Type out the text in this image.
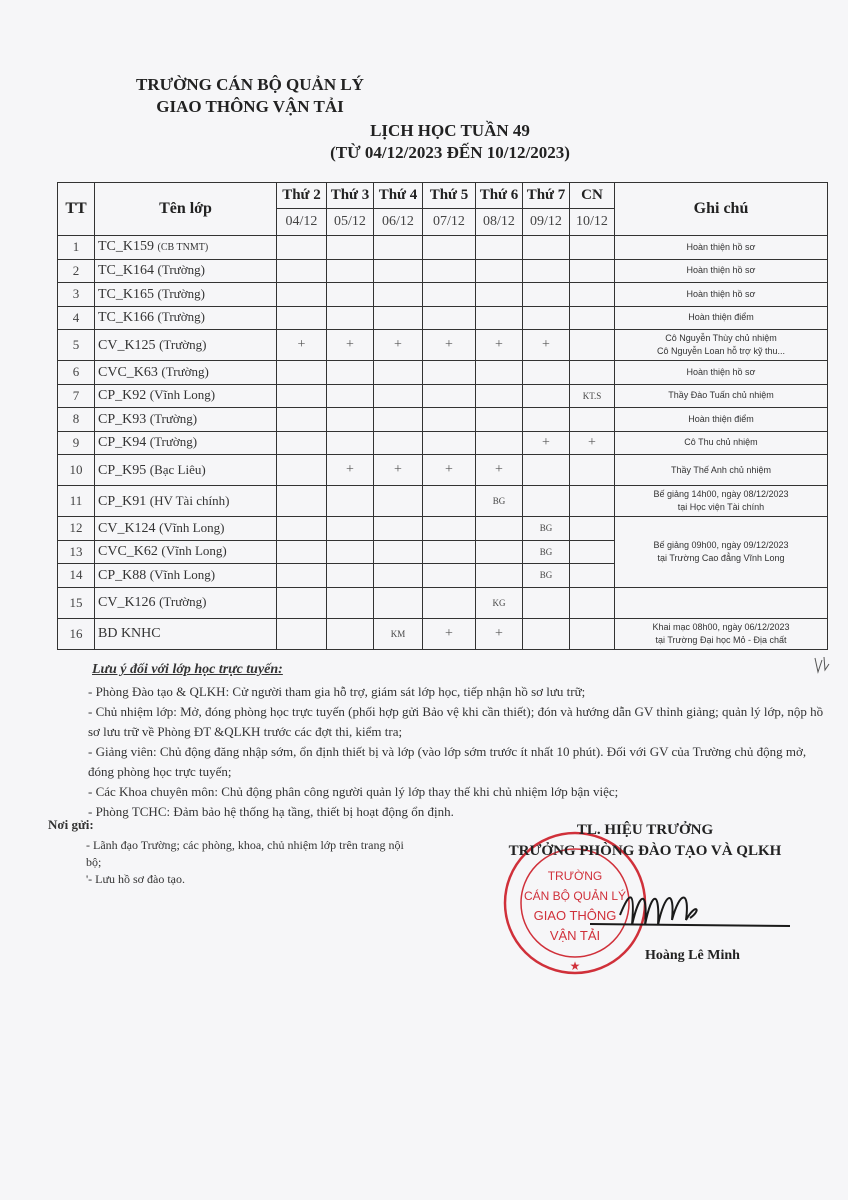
TRƯỜNG CÁN BỘ QUẢN LÝ
GIAO THÔNG VẬN TẢI
LỊCH HỌC TUẦN 49
(TỪ 04/12/2023 ĐẾN 10/12/2023)
TT	Tên lớp	Thứ 2	Thứ 3	Thứ 4	Thứ 5	Thứ 6	Thứ 7	CN	Ghi chú
		04/12	05/12	06/12	07/12	08/12	09/12	10/12	
1	TC_K159 (CB TNMT)								Hoàn thiện hồ sơ

2	TC_K164 (Trường)								Hoàn thiện hồ sơ

3	TC_K165 (Trường)								Hoàn thiện hồ sơ

4	TC_K166 (Trường)								Hoàn thiện điểm

5	CV_K125 (Trường)	+	+	+	+	+	+		Cô Nguyễn Thùy chủ nhiệm
Cô Nguyễn Loan hỗ trợ kỹ thu...

6	CVC_K63 (Trường)								Hoàn thiện hồ sơ

7	CP_K92 (Vĩnh Long)							KT.S	Thầy Đào Tuấn chủ nhiệm

8	CP_K93 (Trường)								Hoàn thiện điểm

9	CP_K94 (Trường)						+	+	Cô Thu chủ nhiệm

10	CP_K95 (Bạc Liêu)		+	+	+	+			Thầy Thế Anh chủ nhiệm

11	CP_K91 (HV Tài chính)					BG			Bế giảng 14h00, ngày 08/12/2023
tại Học viện Tài chính

12	CV_K124 (Vĩnh Long)						BG		Bế giảng 09h00, ngày 09/12/2023
tại Trường Cao đẳng Vĩnh Long

13	CVC_K62 (Vĩnh Long)						BG		
14	CP_K88 (Vĩnh Long)						BG		
15	CV_K126 (Trường)					KG			

16	BD KNHC			KM	+	+			Khai mạc 08h00, ngày 06/12/2023
tại Trường Đại học Mỏ - Địa chất
Lưu ý đối với lớp học trực tuyến:

- Phòng Đào tạo & QLKH: Cử người tham gia hỗ trợ, giám sát lớp học, tiếp nhận hồ sơ lưu trữ;

- Chủ nhiệm lớp: Mở, đóng phòng học trực tuyến (phối hợp gửi Bảo vệ khi cần thiết); đón và hướng dẫn GV thỉnh giảng; quản lý lớp, nộp hồ sơ lưu trữ về Phòng ĐT &QLKH trước các đợt thi, kiểm tra;

- Giảng viên: Chủ động đăng nhập sớm, ổn định thiết bị và lớp (vào lớp sớm trước ít nhất 10 phút). Đối với GV của Trường chủ động mở, đóng phòng học trực tuyến;

- Các Khoa chuyên môn: Chủ động phân công người quản lý lớp thay thế khi chủ nhiệm lớp bận việc;

- Phòng TCHC: Đảm bảo hệ thống hạ tầng, thiết bị hoạt động ổn định.

Nơi gửi:

- Lãnh đạo Trường; các phòng, khoa, chủ nhiệm lớp trên trang nội bộ;

'- Lưu hồ sơ đào tạo.	TRƯỜNG
CÁN BỘ QUẢN LÝ
GIAO THÔNG
VẬN TẢI
★
TL. HIỆU TRƯỞNG
TRƯỞNG PHÒNG ĐÀO TẠO VÀ QLKH
Hoàng Lê Minh
